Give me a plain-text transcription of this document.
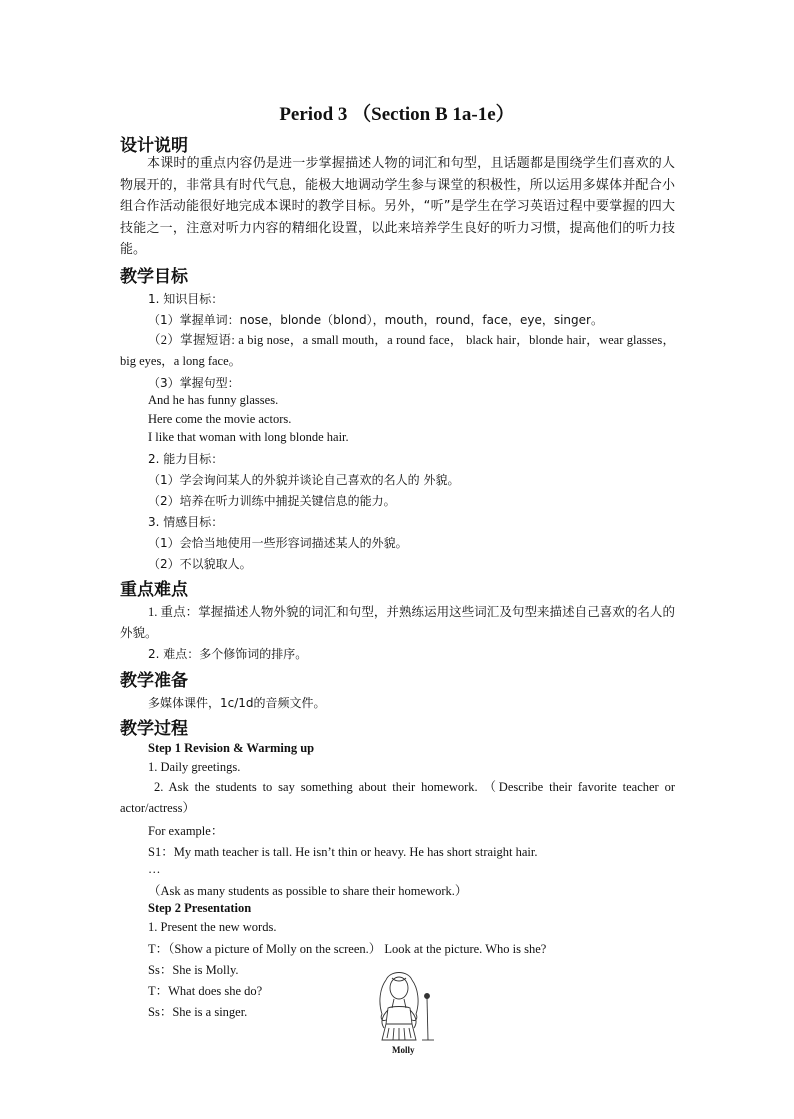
Period 3 （Section B 1a-1e）
设计说明
本课时的重点内容仍是进一步掌握描述人物的词汇和句型，且话题都是围绕学生们喜欢的人物展开的，非常具有时代气息，能极大地调动学生参与课堂的积极性，所以运用多媒体并配合小组合作活动能很好地完成本课时的教学目标。另外，“听”是学生在学习英语过程中要掌握的四大技能之一，注意对听力内容的精细化设置，以此来培养学生良好的听力习惯，提高他们的听力技能。
教学目标
1. 知识目标：
（1）掌握单词：nose，blonde（blond），mouth，round，face，eye，singer。
（2）掌握短语: a big nose，a small mouth，a round face， black hair，blonde hair，wear glasses，big eyes，a long face。
（3）掌握句型：
And he has funny glasses.
Here come the movie actors.
I like that woman with long blonde hair.
2. 能力目标：
（1）学会询问某人的外貌并谈论自己喜欢的名人的 外貌。
（2）培养在听力训练中捕捉关键信息的能力。
3. 情感目标：
（1）会恰当地使用一些形容词描述某人的外貌。
（2）不以貌取人。
重点难点
1. 重点：掌握描述人物外貌的词汇和句型，并熟练运用这些词汇及句型来描述自己喜欢的名人的外貌。
2. 难点：多个修饰词的排序。
教学准备
多媒体课件，1c/1d的音频文件。
教学过程
Step 1 Revision & Warming up
1. Daily greetings.
2. Ask the students to say something about their homework. （Describe their favorite teacher or actor/actress）
For example：
S1：My math teacher is tall. He isn’t thin or heavy. He has short straight hair.
…
（Ask as many students as possible to share their homework.）
Step 2 Presentation
1. Present the new words.
T：（Show a picture of Molly on the screen.） Look at the picture. Who is she?
Ss：She is Molly.
T：What does she do?
Ss：She is a singer.
Molly
